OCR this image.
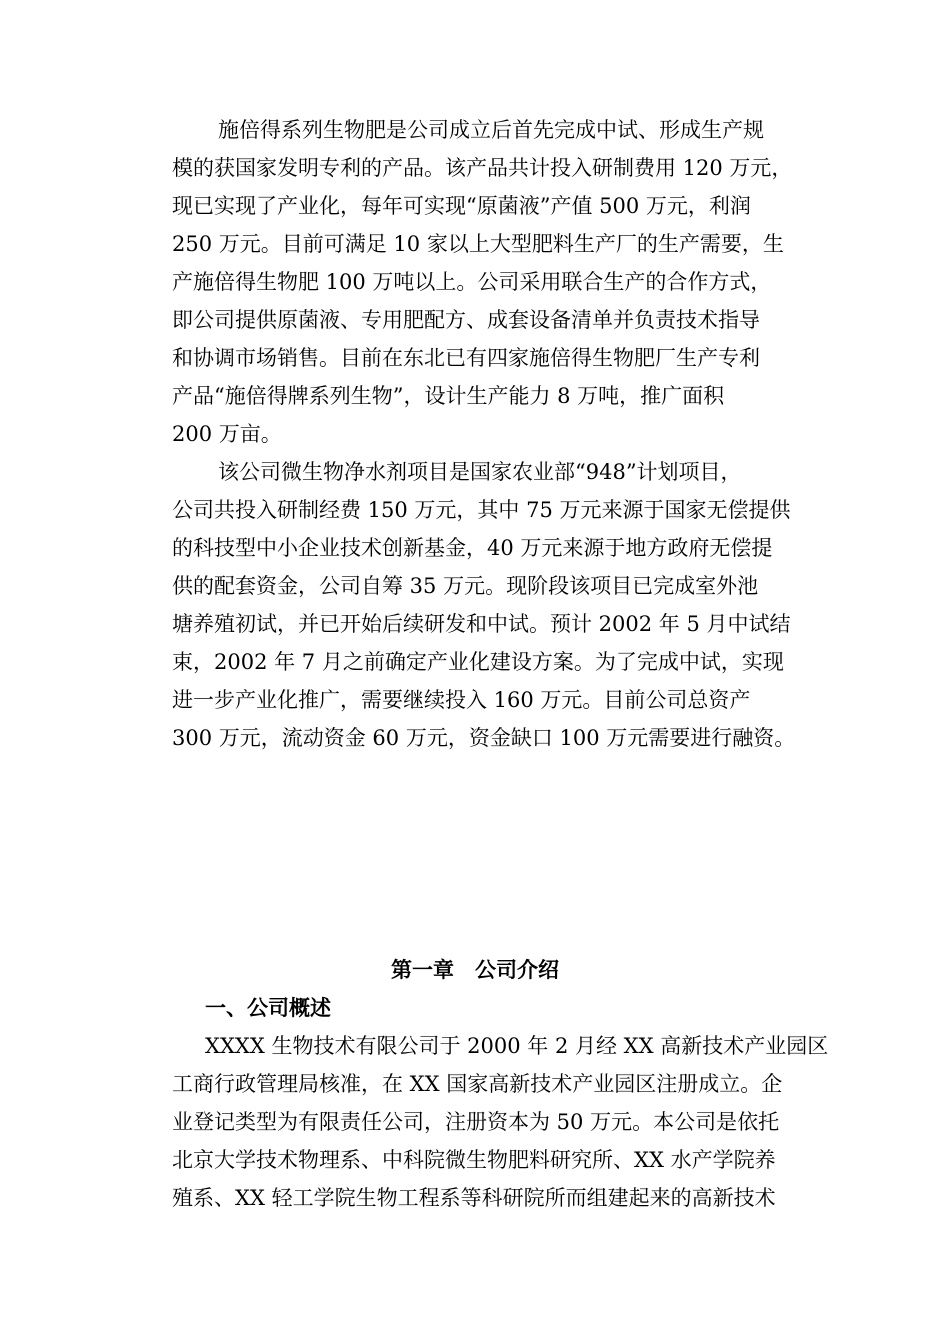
施倍得系列生物肥是公司成立后首先完成中试、形成生产规
模的获国家发明专利的产品。该产品共计投入研制费用 120 万元，
现已实现了产业化，每年可实现“原菌液”产值 500 万元，利润
250 万元。目前可满足 10 家以上大型肥料生产厂的生产需要，生
产施倍得生物肥 100 万吨以上。公司采用联合生产的合作方式，
即公司提供原菌液、专用肥配方、成套设备清单并负责技术指导
和协调市场销售。目前在东北已有四家施倍得生物肥厂生产专利
产品“施倍得牌系列生物”，设计生产能力 8 万吨，推广面积
200 万亩。
该公司微生物净水剂项目是国家农业部“948”计划项目，
公司共投入研制经费 150 万元，其中 75 万元来源于国家无偿提供
的科技型中小企业技术创新基金，40 万元来源于地方政府无偿提
供的配套资金，公司自筹 35 万元。现阶段该项目已完成室外池
塘养殖初试，并已开始后续研发和中试。预计 2002 年 5 月中试结
束，2002 年 7 月之前确定产业化建设方案。为了完成中试，实现
进一步产业化推广，需要继续投入 160 万元。目前公司总资产
300 万元，流动资金 60 万元，资金缺口 100 万元需要进行融资。
第一章　公司介绍
一、公司概述
XXXX 生物技术有限公司于 2000 年 2 月经 XX 高新技术产业园区
工商行政管理局核准，在 XX 国家高新技术产业园区注册成立。企
业登记类型为有限责任公司，注册资本为 50 万元。本公司是依托
北京大学技术物理系、中科院微生物肥料研究所、XX 水产学院养
殖系、XX 轻工学院生物工程系等科研院所而组建起来的高新技术
